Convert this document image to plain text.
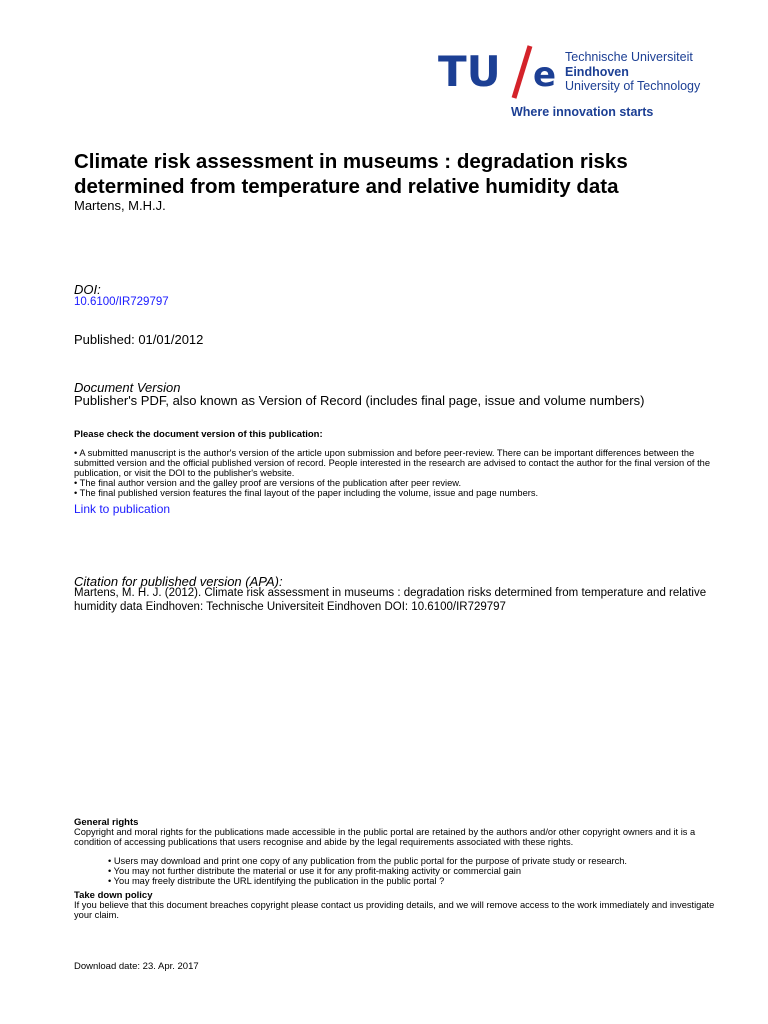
TU e Technische Universiteit
Eindhoven
University of Technology
Where innovation starts
Climate risk assessment in museums : degradation risks determined from temperature and relative humidity data
Martens, M.H.J.
DOI:
10.6100/IR729797
Published: 01/01/2012
Document Version
Publisher's PDF, also known as Version of Record (includes final page, issue and volume numbers)
Please check the document version of this publication:
• A submitted manuscript is the author's version of the article upon submission and before peer-review. There can be important differences between the submitted version and the official published version of record. People interested in the research are advised to contact the author for the final version of the publication, or visit the DOI to the publisher's website.
• The final author version and the galley proof are versions of the publication after peer review.
• The final published version features the final layout of the paper including the volume, issue and page numbers.
Link to publication
Citation for published version (APA):
Martens, M. H. J. (2012). Climate risk assessment in museums : degradation risks determined from temperature and relative humidity data Eindhoven: Technische Universiteit Eindhoven DOI: 10.6100/IR729797
General rights
Copyright and moral rights for the publications made accessible in the public portal are retained by the authors and/or other copyright owners and it is a condition of accessing publications that users recognise and abide by the legal requirements associated with these rights.
• Users may download and print one copy of any publication from the public portal for the purpose of private study or research.
• You may not further distribute the material or use it for any profit-making activity or commercial gain
• You may freely distribute the URL identifying the publication in the public portal ?
Take down policy
If you believe that this document breaches copyright please contact us providing details, and we will remove access to the work immediately and investigate your claim.
Download date: 23. Apr. 2017
